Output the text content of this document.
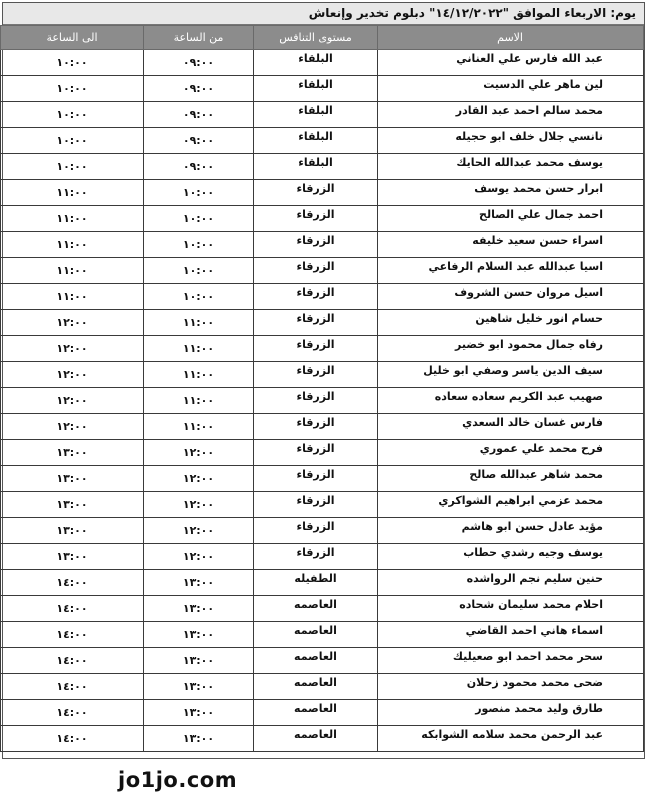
يوم: الاربعاء الموافق "١٤/١٢/٢٠٢٢" دبلوم تخدير وإنعاش
الاسم	مستوى التنافس	من الساعة	الى الساعة
عبد الله فارس علي العناني	البلقاء	٠٩:٠٠	١٠:٠٠
لين ماهر علي الدسيت	البلقاء	٠٩:٠٠	١٠:٠٠
محمد سالم احمد عبد القادر	البلقاء	٠٩:٠٠	١٠:٠٠
نانسي جلال خلف ابو حجيله	البلقاء	٠٩:٠٠	١٠:٠٠
يوسف محمد عبدالله الحايك	البلقاء	٠٩:٠٠	١٠:٠٠
ابرار حسن محمد يوسف	الزرقاء	١٠:٠٠	١١:٠٠
احمد جمال علي الصالح	الزرقاء	١٠:٠٠	١١:٠٠
اسراء حسن سعيد خليفه	الزرقاء	١٠:٠٠	١١:٠٠
اسيا عبدالله عبد السلام الرفاعي	الزرقاء	١٠:٠٠	١١:٠٠
اسيل مروان حسن الشروف	الزرقاء	١٠:٠٠	١١:٠٠
حسام انور خليل شاهين	الزرقاء	١١:٠٠	١٢:٠٠
رفاه جمال محمود ابو خضير	الزرقاء	١١:٠٠	١٢:٠٠
سيف الدين ياسر وصفي ابو خليل	الزرقاء	١١:٠٠	١٢:٠٠
صهيب عبد الكريم سعاده سعاده	الزرقاء	١١:٠٠	١٢:٠٠
فارس غسان خالد السعدي	الزرقاء	١١:٠٠	١٢:٠٠
فرح محمد علي عموري	الزرقاء	١٢:٠٠	١٣:٠٠
محمد شاهر عبدالله صالح	الزرقاء	١٢:٠٠	١٣:٠٠
محمد عزمي ابراهيم الشواكري	الزرقاء	١٢:٠٠	١٣:٠٠
مؤيد عادل حسن ابو هاشم	الزرقاء	١٢:٠٠	١٣:٠٠
يوسف وجيه رشدي حطاب	الزرقاء	١٢:٠٠	١٣:٠٠
حنين سليم نجم الرواشده	الطفيله	١٣:٠٠	١٤:٠٠
احلام محمد سليمان شحاده	العاصمه	١٣:٠٠	١٤:٠٠
اسماء هاني احمد القاضي	العاصمه	١٣:٠٠	١٤:٠٠
سحر محمد احمد ابو صعيليك	العاصمه	١٣:٠٠	١٤:٠٠
ضحى محمد محمود زحلان	العاصمه	١٣:٠٠	١٤:٠٠
طارق وليد محمد منصور	العاصمه	١٣:٠٠	١٤:٠٠
عبد الرحمن محمد سلامه الشوابكه	العاصمه	١٣:٠٠	١٤:٠٠
jo1jo.com
